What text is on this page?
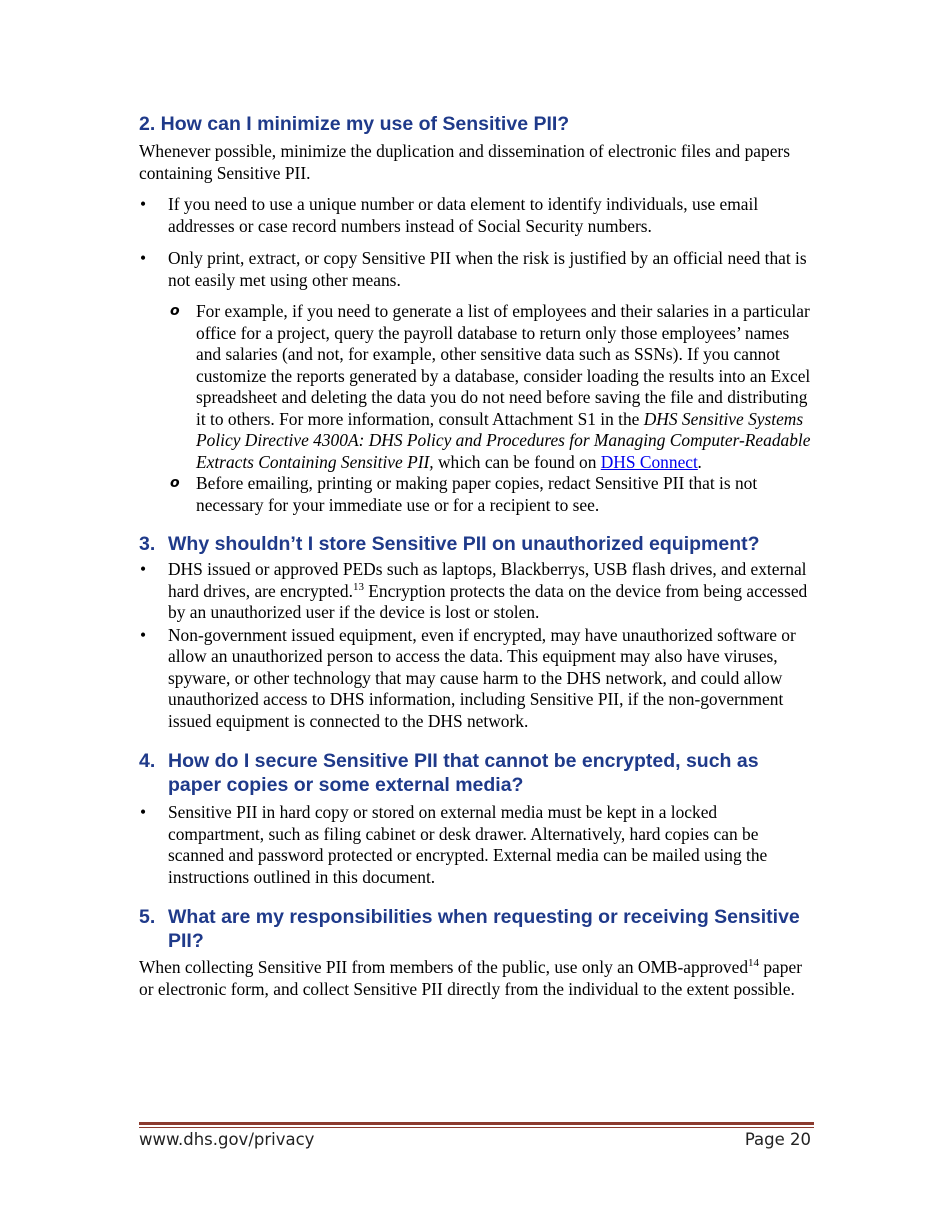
2. How can I minimize my use of Sensitive PII?

Whenever possible, minimize the duplication and dissemination of electronic files and papers containing Sensitive PII.

•	If you need to use a unique number or data element to identify individuals, use email addresses or case record numbers instead of Social Security numbers.
•	Only print, extract, or copy Sensitive PII when the risk is justified by an official need that is not easily met using other means.
o For example, if you need to generate a list of employees and their salaries in a particular office for a project, query the payroll database to return only those employees’ names and salaries (and not, for example, other sensitive data such as SSNs). If you cannot customize the reports generated by a database, consider loading the results into an Excel spreadsheet and deleting the data you do not need before saving the file and distributing it to others. For more information, consult Attachment S1 in the DHS Sensitive Systems Policy Directive 4300A: DHS Policy and Procedures for Managing Computer-Readable Extracts Containing Sensitive PII, which can be found on DHS Connect.
o Before emailing, printing or making paper copies, redact Sensitive PII that is not necessary for your immediate use or for a recipient to see.
3. Why shouldn’t I store Sensitive PII on unauthorized equipment?
•	DHS issued or approved PEDs such as laptops, Blackberrys, USB flash drives, and external hard drives, are encrypted.$^{13}$ Encryption protects the data on the device from being accessed by an unauthorized user if the device is lost or stolen.
•	Non-government issued equipment, even if encrypted, may have unauthorized software or allow an unauthorized person to access the data. This equipment may also have viruses, spyware, or other technology that may cause harm to the DHS network, and could allow unauthorized access to DHS information, including Sensitive PII, if the non-government issued equipment is connected to the DHS network.
4. How do I secure Sensitive PII that cannot be encrypted, such as paper copies or some external media?
•	Sensitive PII in hard copy or stored on external media must be kept in a locked compartment, such as filing cabinet or desk drawer. Alternatively, hard copies can be scanned and password protected or encrypted. External media can be mailed using the instructions outlined in this document.
5. What are my responsibilities when requesting or receiving Sensitive PII?

When collecting Sensitive PII from members of the public, use only an OMB-approved$^{14}$ paper or electronic form, and collect Sensitive PII directly from the individual to the extent possible.

www.dhs.gov/privacy	Page 20
